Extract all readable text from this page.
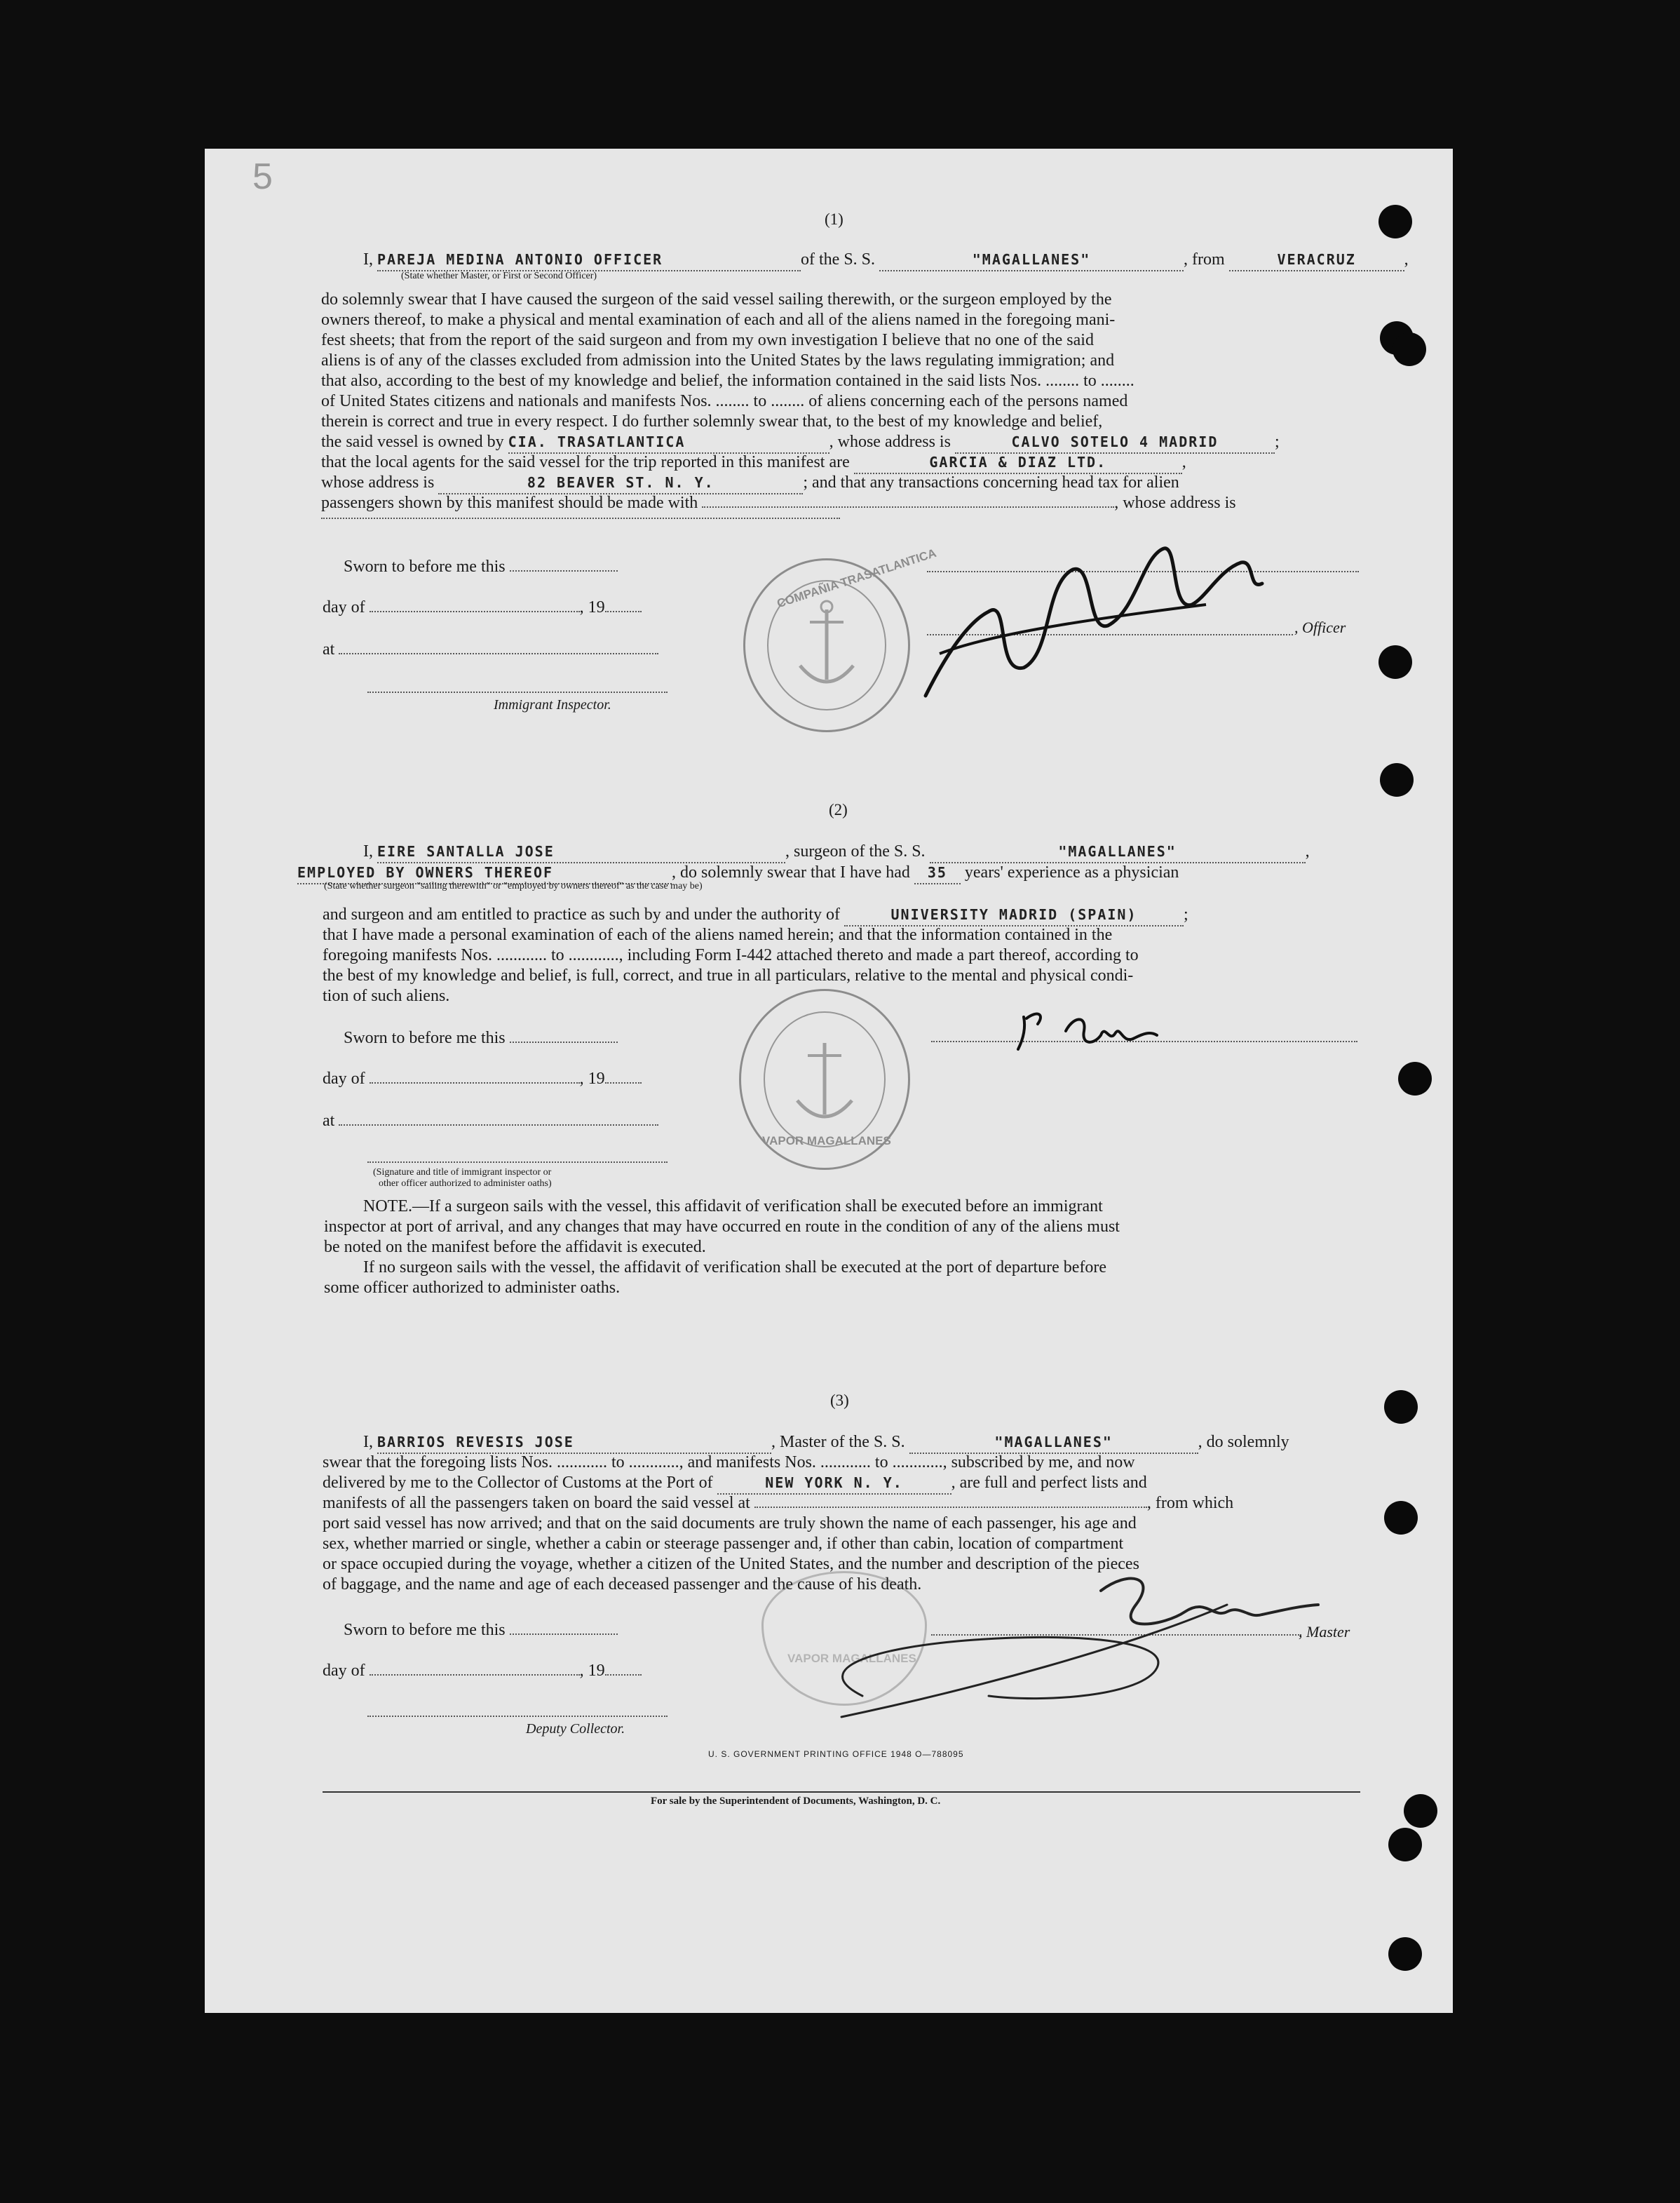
5
(1)
I, PAREJA MEDINA ANTONIO OFFICER	of the S. S.	"MAGALLANES"	, from	VERACRUZ	,
(State whether Master, or First or Second Officer)
do solemnly swear that I have caused the surgeon of the said vessel sailing therewith, or the surgeon employed by the
owners thereof, to make a physical and mental examination of each and all of the aliens named in the foregoing mani-
fest sheets; that from the report of the said surgeon and from my own investigation I believe that no one of the said
aliens is of any of the classes excluded from admission into the United States by the laws regulating immigration; and
that also, according to the best of my knowledge and belief, the information contained in the said lists Nos. ........ to ........
of United States citizens and nationals and manifests Nos. ........ to ........ of aliens concerning each of the persons named
therein is correct and true in every respect. I do further solemnly swear that, to the best of my knowledge and belief,
the said vessel is owned by CIA. TRASATLANTICA	, whose address is	CALVO SOTELO 4 MADRID	;
that the local agents for the said vessel for the trip reported in this manifest are	GARCIA & DIAZ LTD.	,
whose address is	82 BEAVER ST. N. Y.	; and that any transactions concerning head tax for alien
passengers shown by this manifest should be made with	, whose address is
Sworn to before me this
day of	, 19
at
Immigrant Inspector.
, Officer
COMPAÑIA TRASATLANTICA
(2)
I, EIRE SANTALLA JOSE	, surgeon of the S. S.	"MAGALLANES"	,
EMPLOYED BY OWNERS THEREOF	, do solemnly swear that I have had 35 years' experience as a physician
(State whether surgeon "sailing therewith" or "employed by owners thereof" as the case may be)
and surgeon and am entitled to practice as such by and under the authority of	UNIVERSITY MADRID (SPAIN)	;
that I have made a personal examination of each of the aliens named herein; and that the information contained in the
foregoing manifests Nos. ............ to ............, including Form I-442 attached thereto and made a part thereof, according to
the best of my knowledge and belief, is full, correct, and true in all particulars, relative to the mental and physical condi-
tion of such aliens.
Sworn to before me this
day of	, 19
at
(Signature and title of immigrant inspector or
other officer authorized to administer oaths)
VAPOR MAGALLANES
NOTE.—If a surgeon sails with the vessel, this affidavit of verification shall be executed before an immigrant
inspector at port of arrival, and any changes that may have occurred en route in the condition of any of the aliens must
be noted on the manifest before the affidavit is executed.
If no surgeon sails with the vessel, the affidavit of verification shall be executed at the port of departure before
some officer authorized to administer oaths.
(3)
I, BARRIOS REVESIS JOSE	, Master of the S. S.	"MAGALLANES"	, do solemnly
swear that the foregoing lists Nos. ............ to ............, and manifests Nos. ............ to ............, subscribed by me, and now
delivered by me to the Collector of Customs at the Port of	NEW YORK N. Y.	, are full and perfect lists and
manifests of all the passengers taken on board the said vessel at	, from which
port said vessel has now arrived; and that on the said documents are truly shown the name of each passenger, his age and
sex, whether married or single, whether a cabin or steerage passenger and, if other than cabin, location of compartment
or space occupied during the voyage, whether a citizen of the United States, and the number and description of the pieces
of baggage, and the name and age of each deceased passenger and the cause of his death.
Sworn to before me this
day of	, 19
Deputy Collector.
, Master
VAPOR MAGALLANES
U. S. GOVERNMENT PRINTING OFFICE 1948 O—788095
For sale by the Superintendent of Documents, Washington, D. C.
